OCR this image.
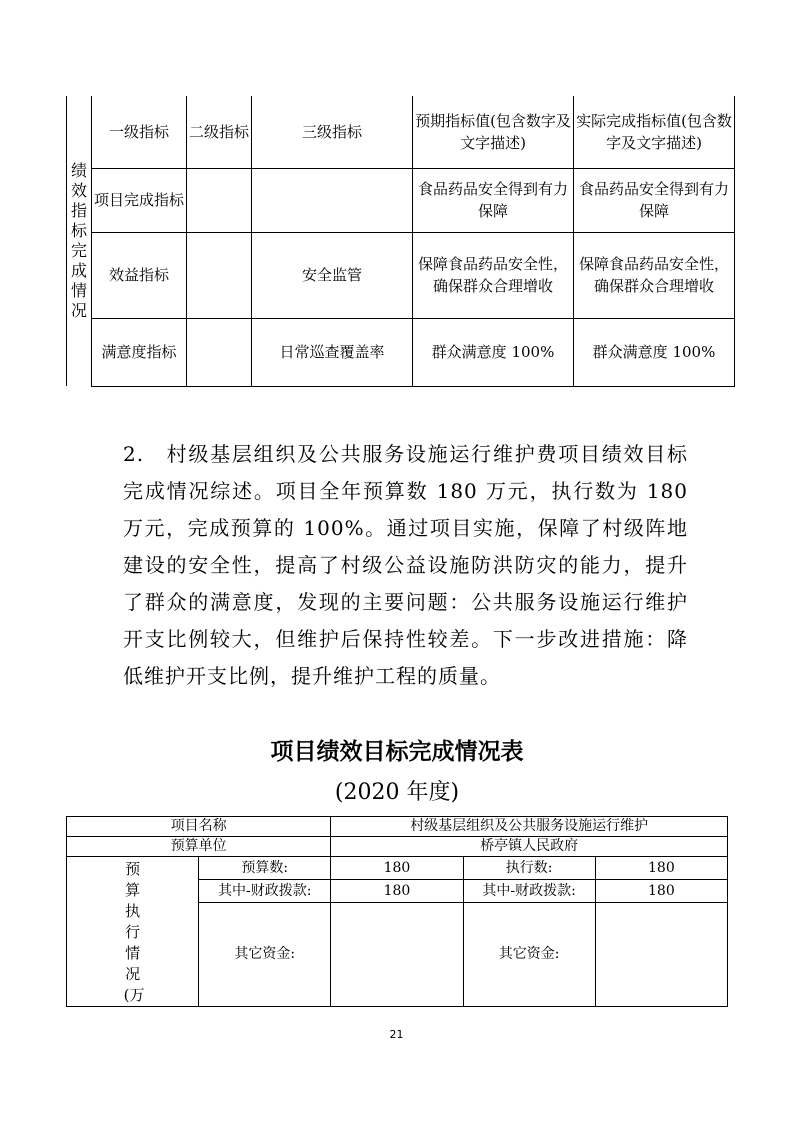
绩效指标完成情况	一级指标	二级指标	三级指标	预期指标值(包含数字及文字描述)	实际完成指标值(包含数字及文字描述)
	项目完成指标			食品药品安全得到有力保障	食品药品安全得到有力保障
	效益指标		安全监管	保障食品药品安全性，确保群众合理增收	保障食品药品安全性，确保群众合理增收
	满意度指标		日常巡查覆盖率	群众满意度 100%	群众满意度 100%
2.　村级基层组织及公共服务设施运行维护费项目绩效目标完成情况综述。项目全年预算数 180 万元，执行数为 180 万元，完成预算的 100%。通过项目实施，保障了村级阵地建设的安全性，提高了村级公益设施防洪防灾的能力，提升了群众的满意度，发现的主要问题：公共服务设施运行维护开支比例较大，但维护后保持性较差。下一步改进措施：降低维护开支比例，提升维护工程的质量。
项目绩效目标完成情况表
(2020 年度)
项目名称		村级基层组织及公共服务设施运行维护		
预算单位		桥亭镇人民政府		
预算执行情况(万	预算数:	180	执行数:	180
	其中-财政拨款:	180	其中-财政拨款:	180
	其它资金:		其它资金:	
21
